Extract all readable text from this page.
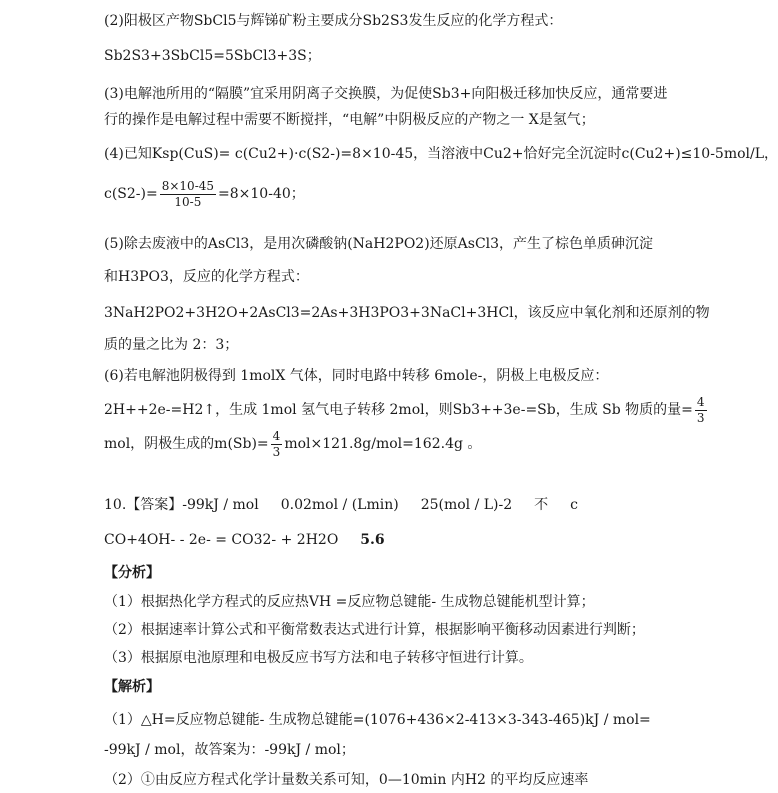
(2)阳极区产物SbCl5与辉锑矿粉主要成分Sb2S3发生反应的化学方程式：
Sb2S3+3SbCl5=5SbCl3+3S；
(3)电解池所用的“隔膜”宜采用阴离子交换膜，为促使Sb3+向阳极迁移加快反应，通常要进
行的操作是电解过程中需要不断搅拌，“电解”中阴极反应的产物之一 X是氢气；
(4)已知Ksp(CuS)= c(Cu2+)·c(S2-)=8×10-45，当溶液中Cu2+恰好完全沉淀时c(Cu2+)≤10-5mol/L，
$c(S2-)= \frac{8\times 10-45}{10-5} =8\times 10-40$；
(5)除去废液中的AsCl3，是用次磷酸钠(NaH2PO2)还原AsCl3，产生了棕色单质砷沉淀
和H3PO3，反应的化学方程式：
3NaH2PO2+3H2O+2AsCl3=2As+3H3PO3+3NaCl+3HCl，该反应中氧化剂和还原剂的物
质的量之比为 2：3；
(6)若电解池阴极得到 1molX 气体，同时电路中转移 6mole-，阴极上电极反应：
2H++2e-=H2↑，生成 1mol 氢气电子转移 2mol，则Sb3++3e-=Sb，生成 Sb 物质的量= $\frac{4}{3}$
mol，阴极生成的$m(Sb)= \frac{4}{3} mol\times 121.8g/mol=162.4g$ 。
10.【答案】-99kJ / mol 0.02mol / (Lmin) 25(mol / L)-2 不 c
CO+4OH- - 2e- = CO32- + 2H2O 5.6
【分析】
（1）根据热化学方程式的反应热VH =反应物总键能- 生成物总键能机型计算；
（2）根据速率计算公式和平衡常数表达式进行计算，根据影响平衡移动因素进行判断；
（3）根据原电池原理和电极反应书写方法和电子转移守恒进行计算。
【解析】
（1）△H=反应物总键能- 生成物总键能=(1076+436×2-413×3-343-465)kJ / mol=
-99kJ / mol，故答案为：-99kJ / mol；
（2）①由反应方程式化学计量数关系可知，0—10min 内H2 的平均反应速率
